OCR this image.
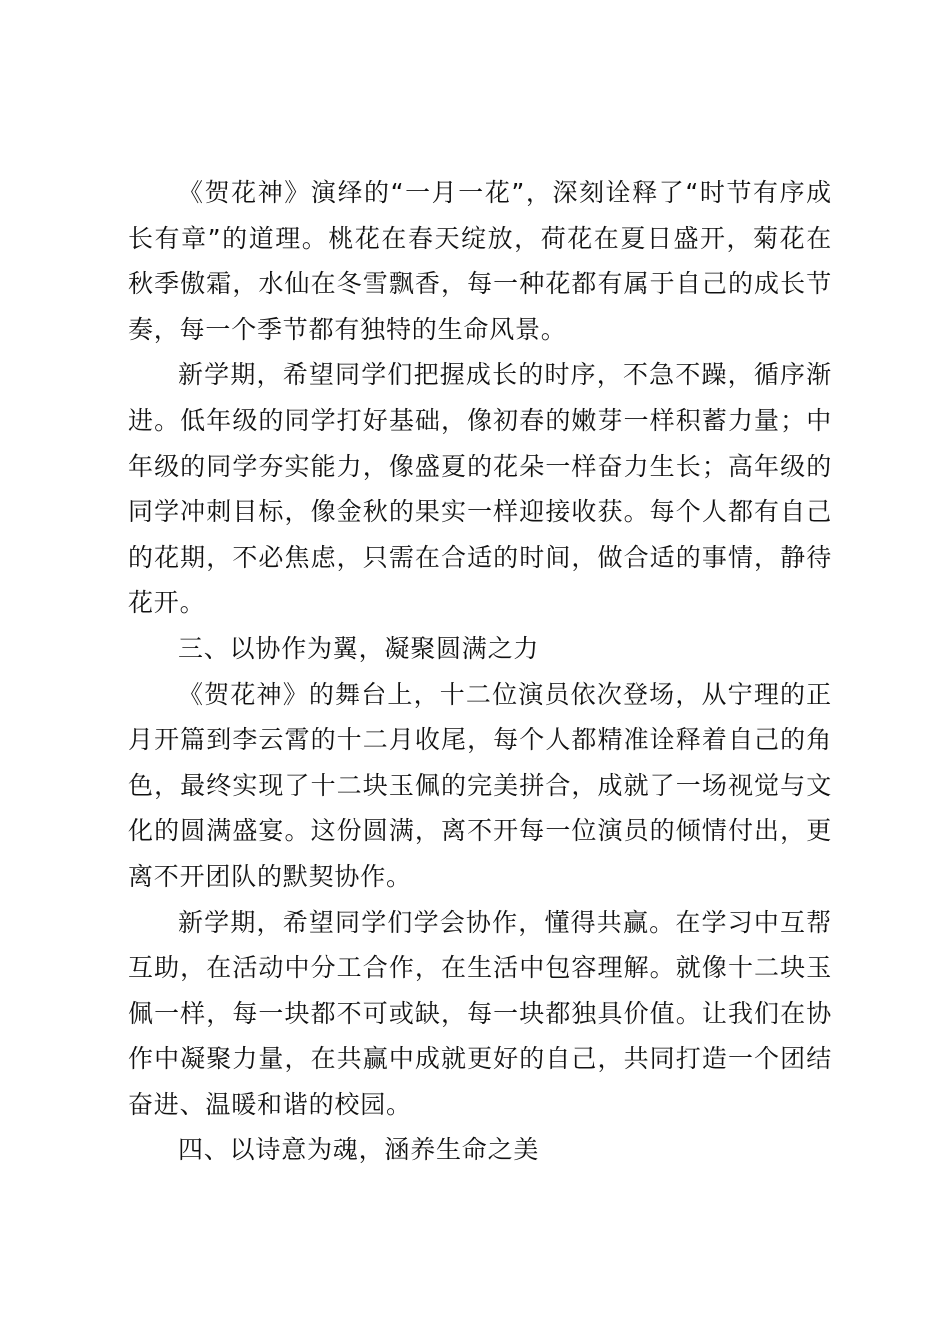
《贺花神》演绎的“一月一花”，深刻诠释了“时节有序成长有章”的道理。桃花在春天绽放，荷花在夏日盛开，菊花在秋季傲霜，水仙在冬雪飘香，每一种花都有属于自己的成长节奏，每一个季节都有独特的生命风景。

新学期，希望同学们把握成长的时序，不急不躁，循序渐进。低年级的同学打好基础，像初春的嫩芽一样积蓄力量；中年级的同学夯实能力，像盛夏的花朵一样奋力生长；高年级的同学冲刺目标，像金秋的果实一样迎接收获。每个人都有自己的花期，不必焦虑，只需在合适的时间，做合适的事情，静待花开。

三、以协作为翼，凝聚圆满之力

《贺花神》的舞台上，十二位演员依次登场，从宁理的正月开篇到李云霄的十二月收尾，每个人都精准诠释着自己的角色，最终实现了十二块玉佩的完美拼合，成就了一场视觉与文化的圆满盛宴。这份圆满，离不开每一位演员的倾情付出，更离不开团队的默契协作。

新学期，希望同学们学会协作，懂得共赢。在学习中互帮互助，在活动中分工合作，在生活中包容理解。就像十二块玉佩一样，每一块都不可或缺，每一块都独具价值。让我们在协作中凝聚力量，在共赢中成就更好的自己，共同打造一个团结奋进、温暖和谐的校园。

四、以诗意为魂，涵养生命之美
